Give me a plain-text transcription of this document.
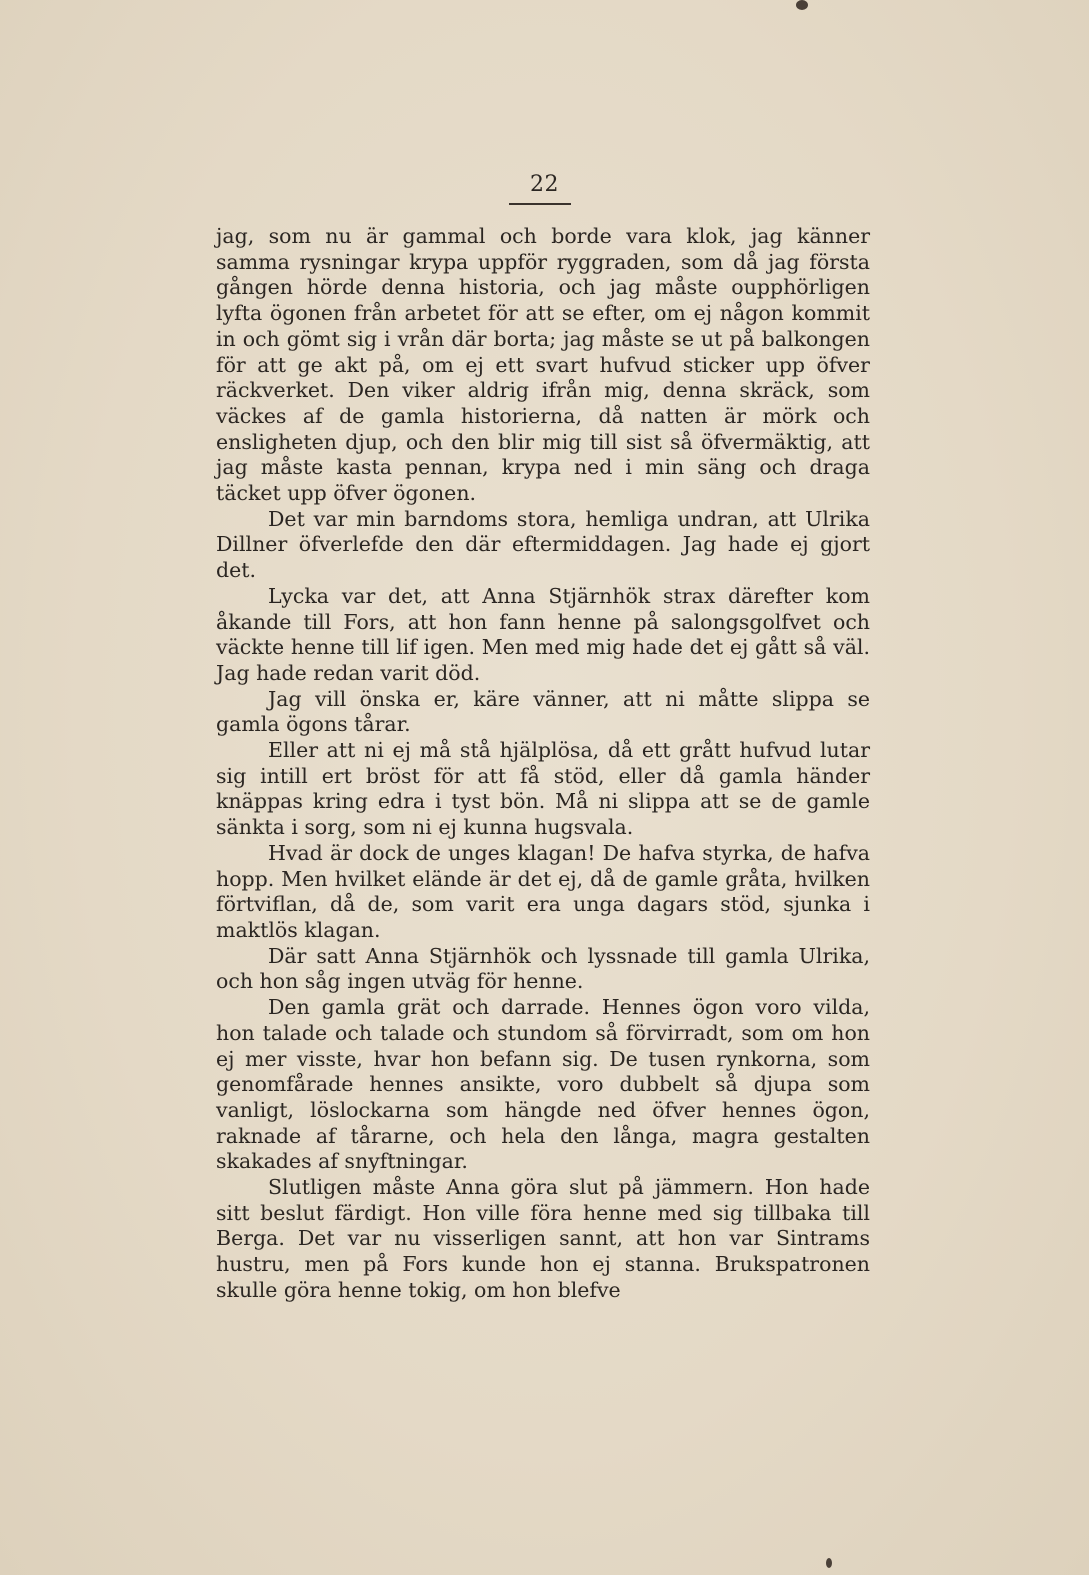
22

jag, som nu är gammal och borde vara klok, jag känner samma rysningar krypa uppför ryggraden, som då jag första gången hörde denna historia, och jag måste oupphörligen lyfta ögonen från arbetet för att se efter, om ej någon kommit in och gömt sig i vrån där borta; jag måste se ut på balkongen för att ge akt på, om ej ett svart hufvud sticker upp öfver räckverket. Den viker aldrig ifrån mig, denna skräck, som väckes af de gamla historierna, då natten är mörk och ensligheten djup, och den blir mig till sist så öfvermäktig, att jag måste kasta pennan, krypa ned i min säng och draga täcket upp öfver ögonen.

Det var min barndoms stora, hemliga undran, att Ulrika Dillner öfverlefde den där eftermiddagen. Jag hade ej gjort det.

Lycka var det, att Anna Stjärnhök strax därefter kom åkande till Fors, att hon fann henne på salongsgolfvet och väckte henne till lif igen. Men med mig hade det ej gått så väl. Jag hade redan varit död.

Jag vill önska er, käre vänner, att ni måtte slippa se gamla ögons tårar.

Eller att ni ej må stå hjälplösa, då ett grått hufvud lutar sig intill ert bröst för att få stöd, eller då gamla händer knäppas kring edra i tyst bön. Må ni slippa att se de gamle sänkta i sorg, som ni ej kunna hugsvala.

Hvad är dock de unges klagan! De hafva styrka, de hafva hopp. Men hvilket elände är det ej, då de gamle gråta, hvilken förtviflan, då de, som varit era unga dagars stöd, sjunka i maktlös klagan.

Där satt Anna Stjärnhök och lyssnade till gamla Ulrika, och hon såg ingen utväg för henne.

Den gamla grät och darrade. Hennes ögon voro vilda, hon talade och talade och stundom så förvirradt, som om hon ej mer visste, hvar hon befann sig. De tusen rynkorna, som genomfårade hennes ansikte, voro dubbelt så djupa som vanligt, löslockarna som hängde ned öfver hennes ögon, raknade af tårarne, och hela den långa, magra gestalten skakades af snyftningar.

Slutligen måste Anna göra slut på jämmern. Hon hade sitt beslut färdigt. Hon ville föra henne med sig tillbaka till Berga. Det var nu visserligen sannt, att hon var Sintrams hustru, men på Fors kunde hon ej stanna. Brukspatronen skulle göra henne tokig, om hon blefve
